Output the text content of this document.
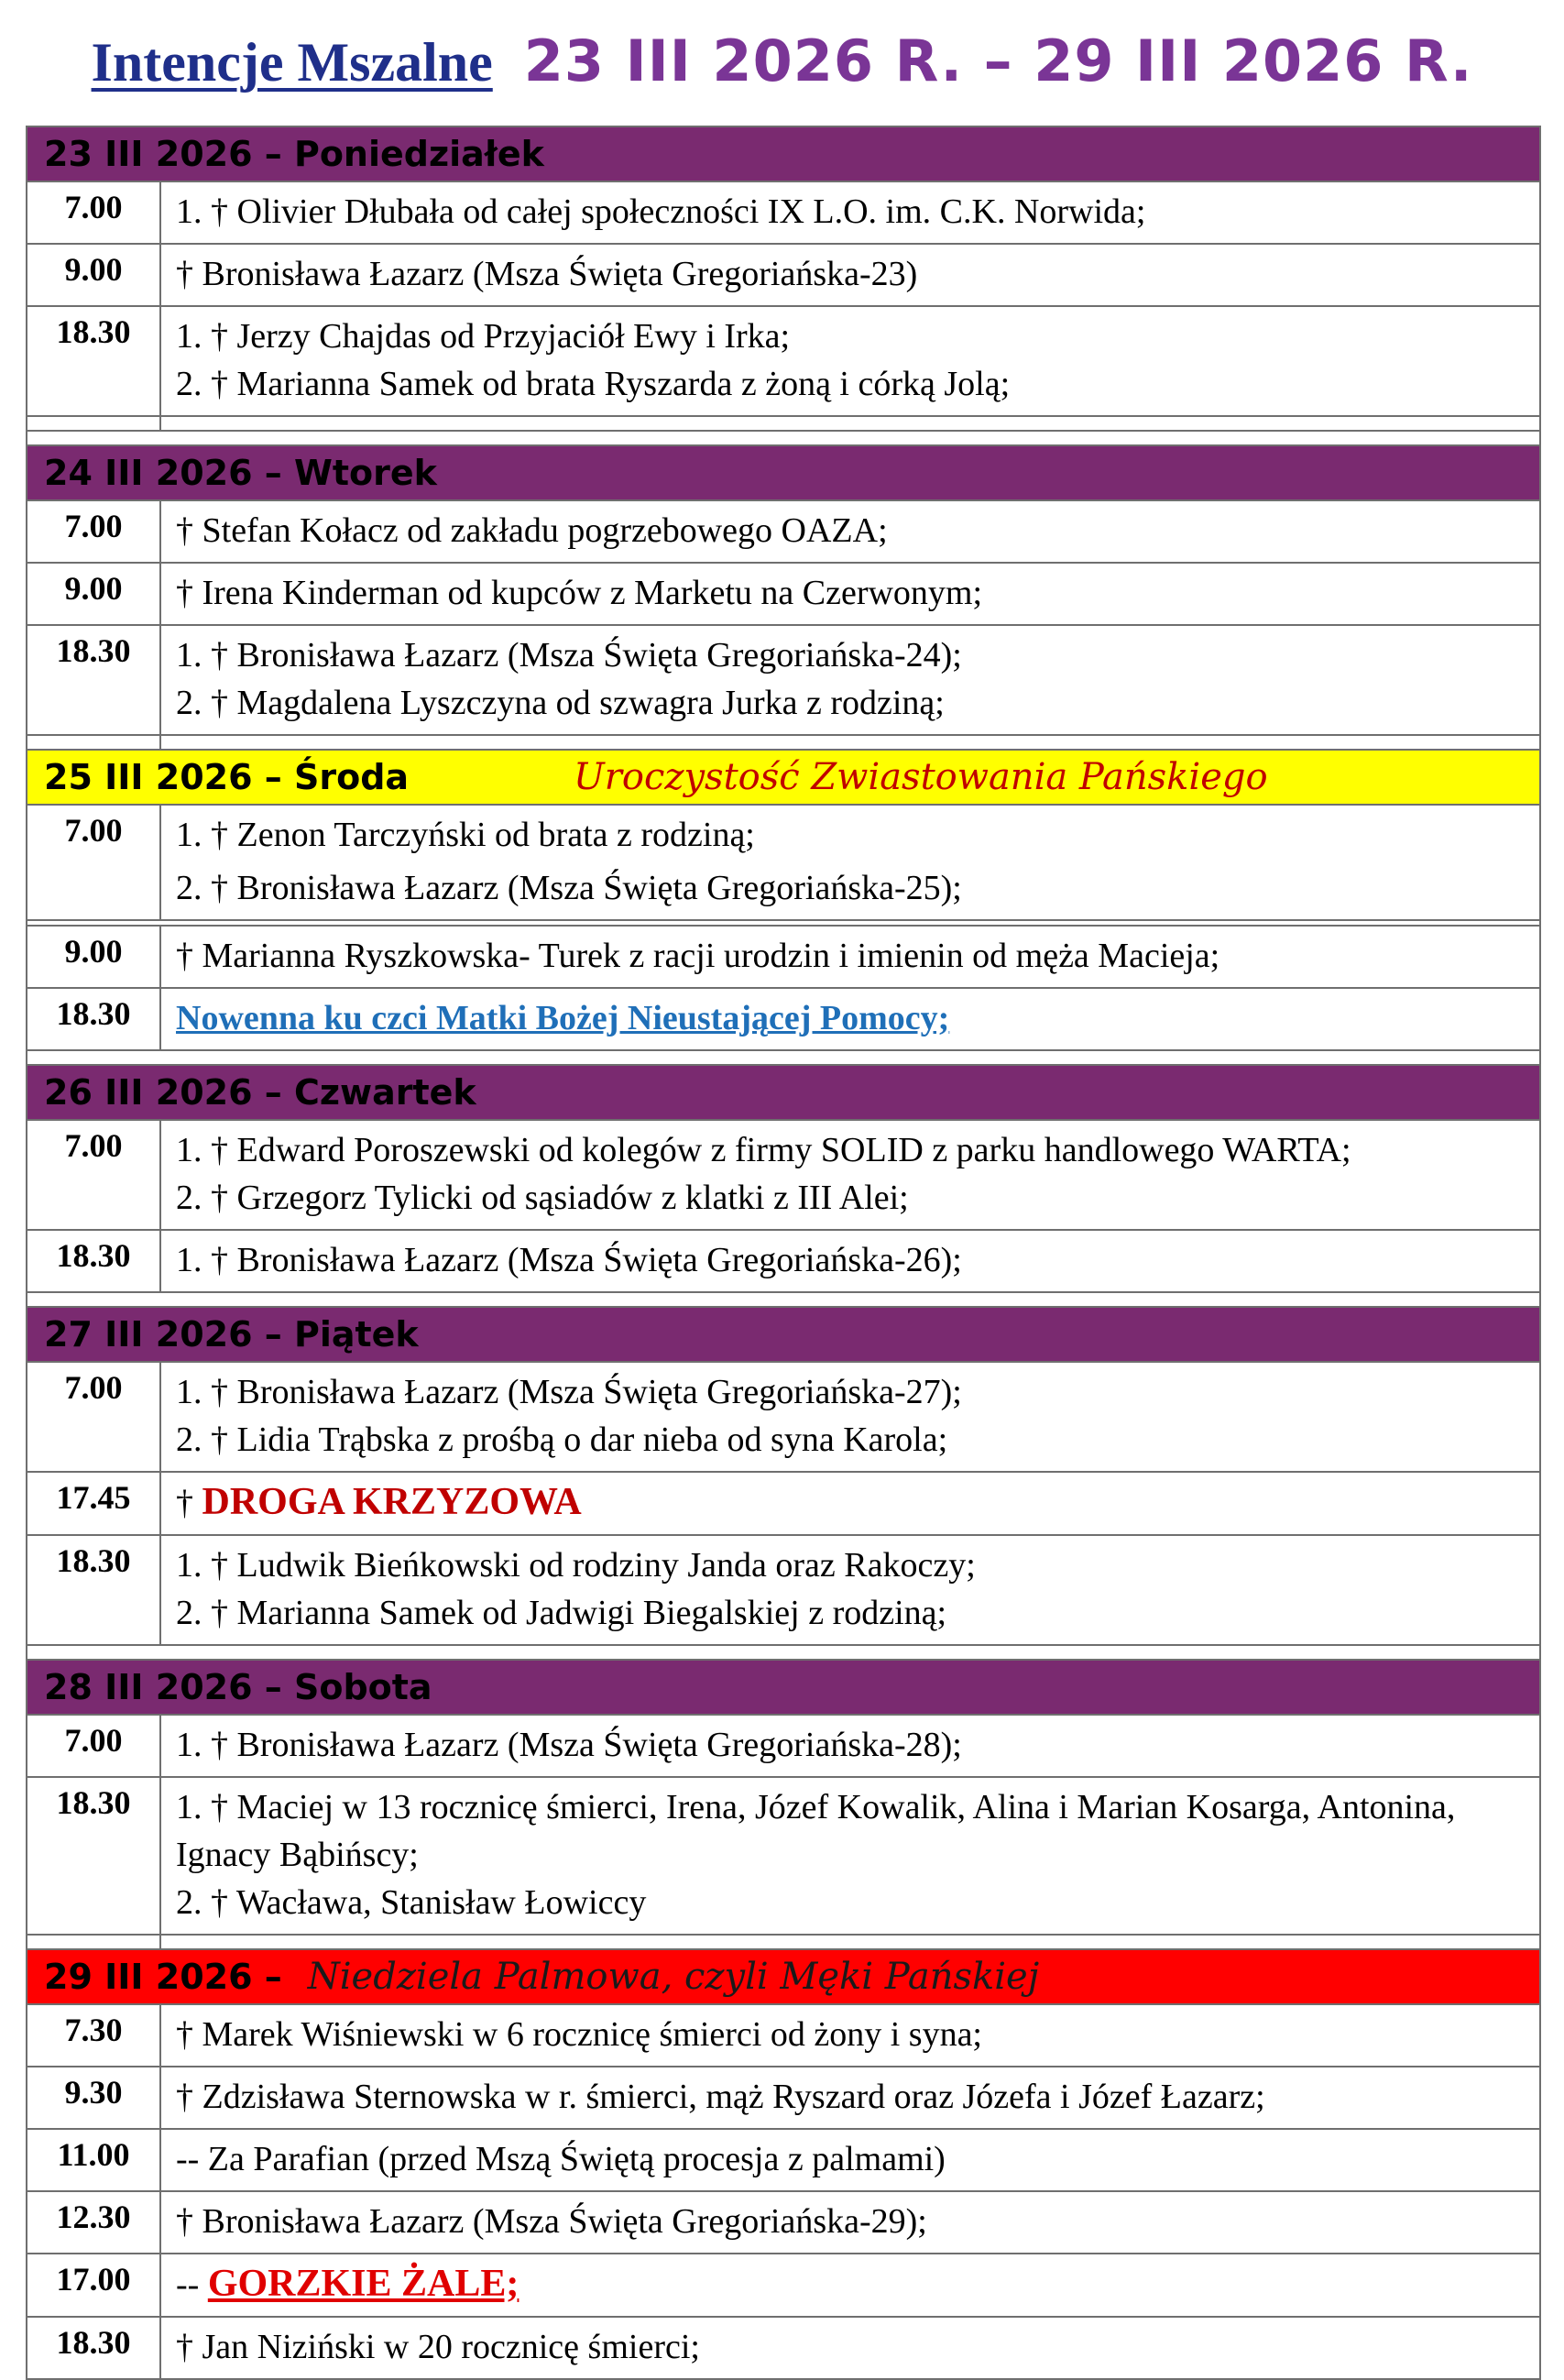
Intencje Mszalne 23 III 2026 R. – 29 III 2026 R.
23 III 2026 – Poniedziałek
7.00	1. † Olivier Dłubała od całej społeczności IX L.O. im. C.K. Norwida;
9.00	† Bronisława Łazarz (Msza Święta Gregoriańska-23)
18.30	1. † Jerzy Chajdas od Przyjaciół Ewy i Irka;
2. † Marianna Samek od brata Ryszarda z żoną i córką Jolą;
24 III 2026 – Wtorek
7.00	† Stefan Kołacz od zakładu pogrzebowego OAZA;
9.00	† Irena Kinderman od kupców z Marketu na Czerwonym;
18.30	1. † Bronisława Łazarz (Msza Święta Gregoriańska-24);
2. † Magdalena Lyszczyna od szwagra Jurka z rodziną;
25 III 2026 – Środa	Uroczystość Zwiastowania Pańskiego
7.00	1. † Zenon Tarczyński od brata z rodziną;
2. † Bronisława Łazarz (Msza Święta Gregoriańska-25);
9.00	† Marianna Ryszkowska- Turek z racji urodzin i imienin od męża Macieja;
18.30	Nowenna ku czci Matki Bożej Nieustającej Pomocy;
26 III 2026 – Czwartek
7.00	1. † Edward Poroszewski od kolegów z firmy SOLID z parku handlowego WARTA;
2. † Grzegorz Tylicki od sąsiadów z klatki z III Alei;
18.30	1. † Bronisława Łazarz (Msza Święta Gregoriańska-26);
27 III 2026 – Piątek
7.00	1. † Bronisława Łazarz (Msza Święta Gregoriańska-27);
2. † Lidia Trąbska z prośbą o dar nieba od syna Karola;
17.45	† DROGA KRZYZOWA
18.30	1. † Ludwik Bieńkowski od rodziny Janda oraz Rakoczy;
2. † Marianna Samek od Jadwigi Biegalskiej z rodziną;
28 III 2026 – Sobota
7.00	1. † Bronisława Łazarz (Msza Święta Gregoriańska-28);
18.30	1. † Maciej w 13 rocznicę śmierci, Irena, Józef Kowalik, Alina i Marian Kosarga, Antonina, Ignacy Bąbińscy;
2. † Wacława, Stanisław Łowiccy
29 III 2026 – Niedziela Palmowa, czyli Męki Pańskiej
7.30	† Marek Wiśniewski w 6 rocznicę śmierci od żony i syna;
9.30	† Zdzisława Sternowska w r. śmierci, mąż Ryszard oraz Józefa i Józef Łazarz;
11.00	-- Za Parafian (przed Mszą Świętą procesja z palmami)
12.30	† Bronisława Łazarz (Msza Święta Gregoriańska-29);
17.00	-- GORZKIE ŻALE;
18.30	† Jan Niziński w 20 rocznicę śmierci;
